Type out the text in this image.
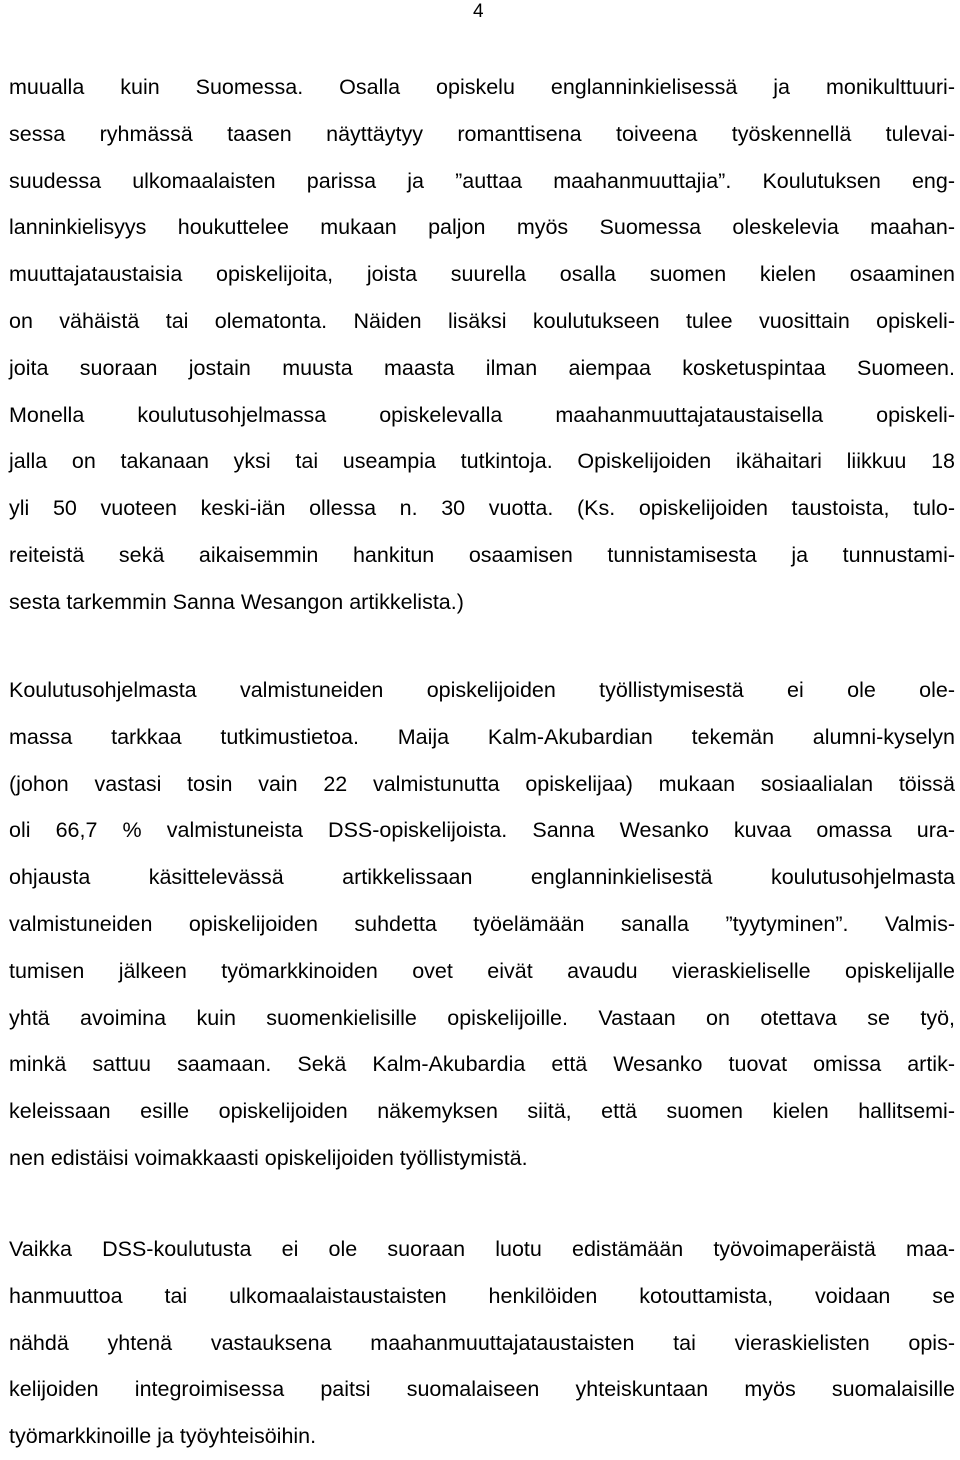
4
muualla kuin Suomessa. Osalla opiskelu englanninkielisessä ja monikulttuuri-
sessa ryhmässä taasen näyttäytyy romanttisena toiveena työskennellä tulevai-
suudessa ulkomaalaisten parissa ja ”auttaa maahanmuuttajia”. Koulutuksen eng-
lanninkielisyys houkuttelee mukaan paljon myös Suomessa oleskelevia maahan-
muuttajataustaisia opiskelijoita, joista suurella osalla suomen kielen osaaminen
on vähäistä tai olematonta. Näiden lisäksi koulutukseen tulee vuosittain opiskeli-
joita suoraan jostain muusta maasta ilman aiempaa kosketuspintaa Suomeen.
Monella koulutusohjelmassa opiskelevalla maahanmuuttajataustaisella opiskeli-
jalla on takanaan yksi tai useampia tutkintoja. Opiskelijoiden ikähaitari liikkuu 18
yli 50 vuoteen keski-iän ollessa n. 30 vuotta. (Ks. opiskelijoiden taustoista, tulo-
reiteistä sekä aikaisemmin hankitun osaamisen tunnistamisesta ja tunnustami-
sesta tarkemmin Sanna Wesangon artikkelista.)
Koulutusohjelmasta valmistuneiden opiskelijoiden työllistymisestä ei ole ole-
massa tarkkaa tutkimustietoa. Maija Kalm-Akubardian tekemän alumni-kyselyn
(johon vastasi tosin vain 22 valmistunutta opiskelijaa) mukaan sosiaalialan töissä
oli 66,7 % valmistuneista DSS-opiskelijoista. Sanna Wesanko kuvaa omassa ura-
ohjausta käsittelevässä artikkelissaan englanninkielisestä koulutusohjelmasta
valmistuneiden opiskelijoiden suhdetta työelämään sanalla ”tyytyminen”. Valmis-
tumisen jälkeen työmarkkinoiden ovet eivät avaudu vieraskieliselle opiskelijalle
yhtä avoimina kuin suomenkielisille opiskelijoille. Vastaan on otettava se työ,
minkä sattuu saamaan. Sekä Kalm-Akubardia että Wesanko tuovat omissa artik-
keleissaan esille opiskelijoiden näkemyksen siitä, että suomen kielen hallitsemi-
nen edistäisi voimakkaasti opiskelijoiden työllistymistä.
Vaikka DSS-koulutusta ei ole suoraan luotu edistämään työvoimaperäistä maa-
hanmuuttoa tai ulkomaalaistaustaisten henkilöiden kotouttamista, voidaan se
nähdä yhtenä vastauksena maahanmuuttajataustaisten tai vieraskielisten opis-
kelijoiden integroimisessa paitsi suomalaiseen yhteiskuntaan myös suomalaisille
työmarkkinoille ja työyhteisöihin.
